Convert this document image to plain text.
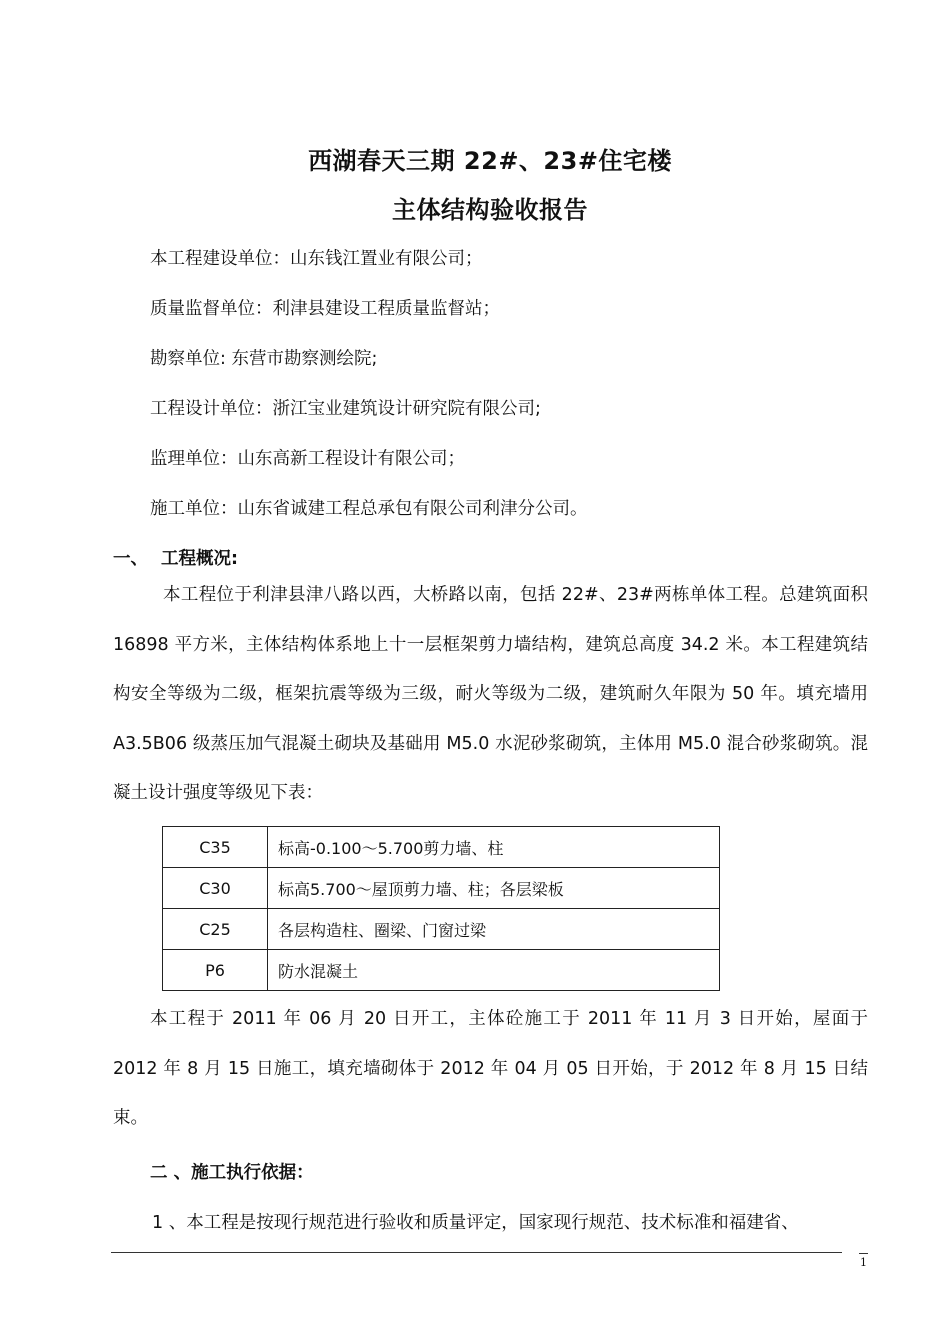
西湖春天三期 22#、23#住宅楼
主体结构验收报告
本工程建设单位：山东钱江置业有限公司；
质量监督单位：利津县建设工程质量监督站；
勘察单位: 东营市勘察测绘院;
工程设计单位：浙江宝业建筑设计研究院有限公司;
监理单位：山东高新工程设计有限公司；
施工单位：山东省诚建工程总承包有限公司利津分公司。
一、 工程概况:
本工程位于利津县津八路以西，大桥路以南，包括 22#、23#两栋单体工程。总建筑面积 16898 平方米，主体结构体系地上十一层框架剪力墙结构，建筑总高度 34.2 米。本工程建筑结构安全等级为二级，框架抗震等级为三级，耐火等级为二级，建筑耐久年限为 50 年。填充墙用 A3.5B06 级蒸压加气混凝土砌块及基础用 M5.0 水泥砂浆砌筑，主体用 M5.0 混合砂浆砌筑。混凝土设计强度等级见下表：
C35	标高-0.100～5.700剪力墙、柱
C30	标高5.700～屋顶剪力墙、柱；各层梁板
C25	各层构造柱、圈梁、门窗过梁
P6	防水混凝土
本工程于 2011 年 06 月 20 日开工，主体砼施工于 2011 年 11 月 3 日开始，屋面于 2012 年 8 月 15 日施工，填充墙砌体于 2012 年 04 月 05 日开始，于 2012 年 8 月 15 日结束。
二 、施工执行依据：
1 、本工程是按现行规范进行验收和质量评定，国家现行规范、技术标准和福建省、
1
